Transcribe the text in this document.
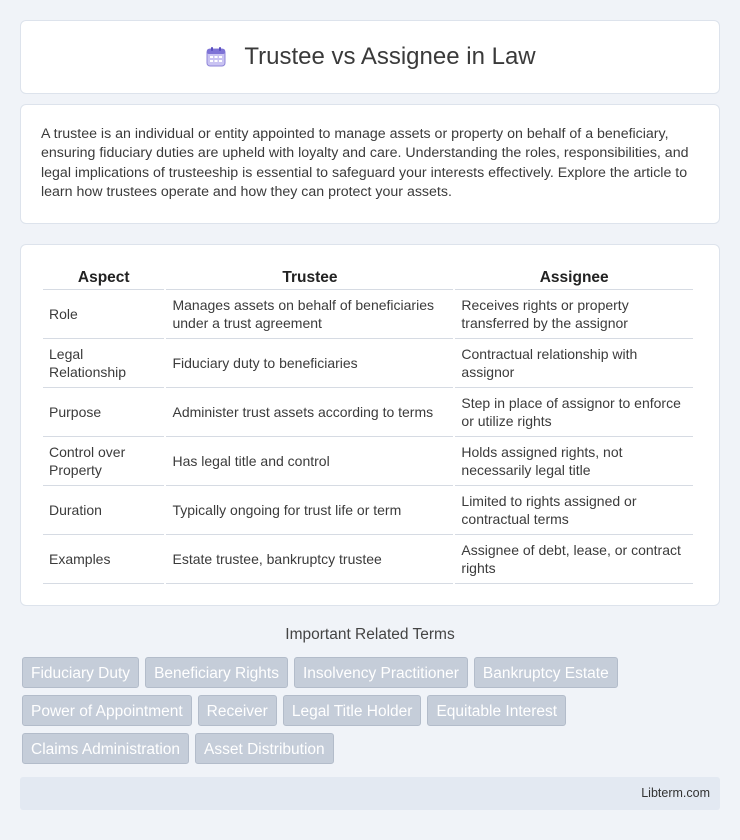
Trustee vs Assignee in Law

A trustee is an individual or entity appointed to manage assets or property on behalf of a beneficiary, ensuring fiduciary duties are upheld with loyalty and care. Understanding the roles, responsibilities, and legal implications of trusteeship is essential to safeguard your interests effectively. Explore the article to learn how trustees operate and how they can protect your assets.

Aspect	Trustee	Assignee
Role	Manages assets on behalf of beneficiaries under a trust agreement	Receives rights or property transferred by the assignor
Legal Relationship	Fiduciary duty to beneficiaries	Contractual relationship with assignor
Purpose	Administer trust assets according to terms	Step in place of assignor to enforce or utilize rights
Control over Property	Has legal title and control	Holds assigned rights, not necessarily legal title
Duration	Typically ongoing for trust life or term	Limited to rights assigned or contractual terms
Examples	Estate trustee, bankruptcy trustee	Assignee of debt, lease, or contract rights
Important Related Terms
Fiduciary Duty	Beneficiary Rights	Insolvency Practitioner	Bankruptcy Estate
Power of Appointment	Receiver	Legal Title Holder	Equitable Interest
Claims Administration	Asset Distribution
Libterm.com
